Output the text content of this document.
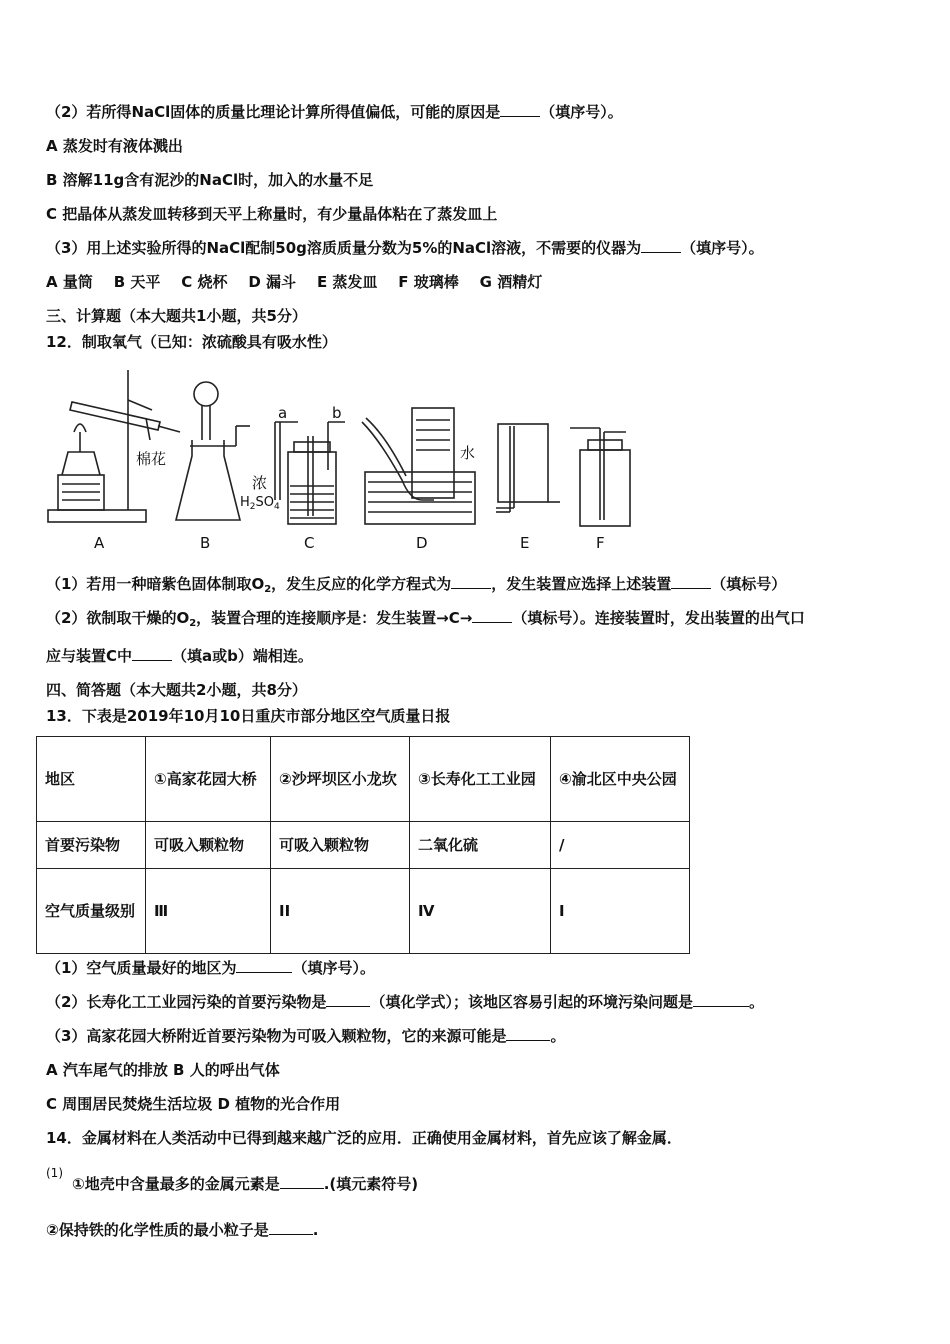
（2）若所得NaCl固体的质量比理论计算所得值偏低，可能的原因是	（填序号）。
A 蒸发时有液体溅出
B 溶解11g含有泥沙的NaCl时，加入的水量不足
C 把晶体从蒸发皿转移到天平上称量时，有少量晶体粘在了蒸发皿上
（3）用上述实验所得的NaCl配制50g溶质质量分数为5%的NaCl溶液，不需要的仪器为	（填序号）。
A 量筒    B 天平    C 烧杯    D 漏斗    E 蒸发皿    F 玻璃棒    G 酒精灯
三、计算题（本大题共1小题，共5分）
12．制取氧气（已知：浓硫酸具有吸水性）
A	B	C	D	E	F
棉花
浓
$H_2SO_4$
水
a	b
（1）若用一种暗紫色固体制取$O_2$，发生反应的化学方程式为	，发生装置应选择上述装置	（填标号）
（2）欲制取干燥的$O_2$，装置合理的连接顺序是：发生装置→C→	（填标号）。连接装置时，发出装置的出气口
应与装置C中	（填a或b）端相连。
四、简答题（本大题共2小题，共8分）
13．下表是2019年10月10日重庆市部分地区空气质量日报
地区	①高家花园大桥	②沙坪坝区小龙坎	③长寿化工工业园	④渝北区中央公园
首要污染物	可吸入颗粒物	可吸入颗粒物	二氧化硫	/
空气质量级别	Ⅲ	II	Ⅳ	I
（1）空气质量最好的地区为	（填序号）。
（2）长寿化工工业园污染的首要污染物是	（填化学式）；该地区容易引起的环境污染问题是	。
（3）高家花园大桥附近首要污染物为可吸入颗粒物，它的来源可能是	。
A 汽车尾气的排放 B 人的呼出气体
C 周围居民焚烧生活垃圾 D 植物的光合作用
14．金属材料在人类活动中已得到越来越广泛的应用．正确使用金属材料，首先应该了解金属．
(1)
①地壳中含量最多的金属元素是	.(填元素符号)
②保持铁的化学性质的最小粒子是	.
